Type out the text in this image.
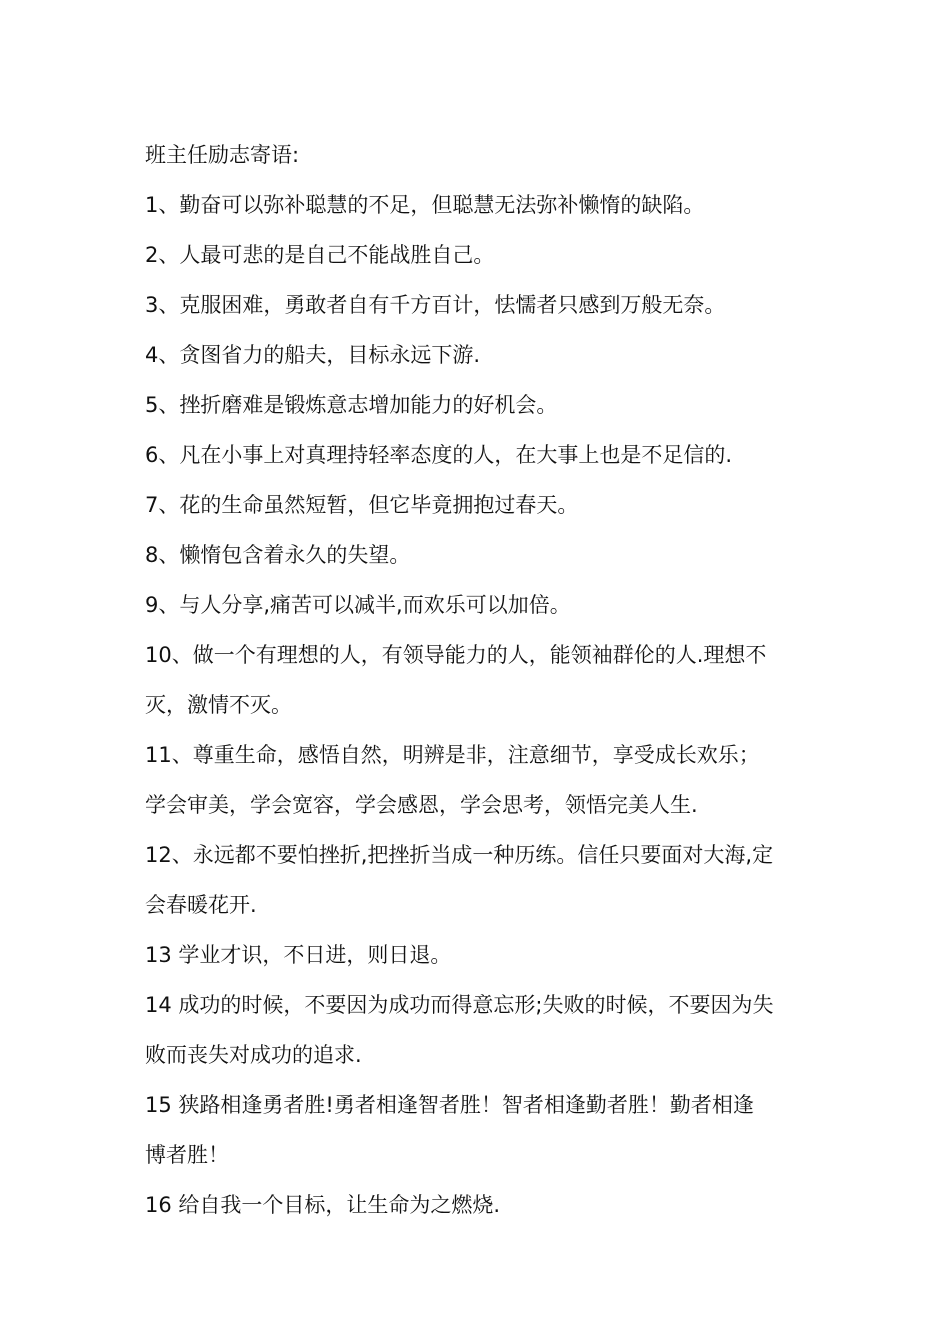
班主任励志寄语:
1、勤奋可以弥补聪慧的不足，但聪慧无法弥补懒惰的缺陷。
2、人最可悲的是自己不能战胜自己。
3、克服困难，勇敢者自有千方百计，怯懦者只感到万般无奈。
4、贪图省力的船夫，目标永远下游.
5、挫折磨难是锻炼意志增加能力的好机会。
6、凡在小事上对真理持轻率态度的人，在大事上也是不足信的.
7、花的生命虽然短暂，但它毕竟拥抱过春天。
8、懒惰包含着永久的失望。
9、与人分享,痛苦可以减半,而欢乐可以加倍。
10、做一个有理想的人，有领导能力的人，能领袖群伦的人.理想不
灭，激情不灭。
11、尊重生命，感悟自然，明辨是非，注意细节，享受成长欢乐；
学会审美，学会宽容，学会感恩，学会思考，领悟完美人生.
12、永远都不要怕挫折,把挫折当成一种历练。信任只要面对大海,定
会春暖花开.
13 学业才识，不日进，则日退。
14 成功的时候，不要因为成功而得意忘形;失败的时候，不要因为失
败而丧失对成功的追求.
15 狭路相逢勇者胜!勇者相逢智者胜！智者相逢勤者胜！勤者相逢
博者胜！
16 给自我一个目标，让生命为之燃烧.
